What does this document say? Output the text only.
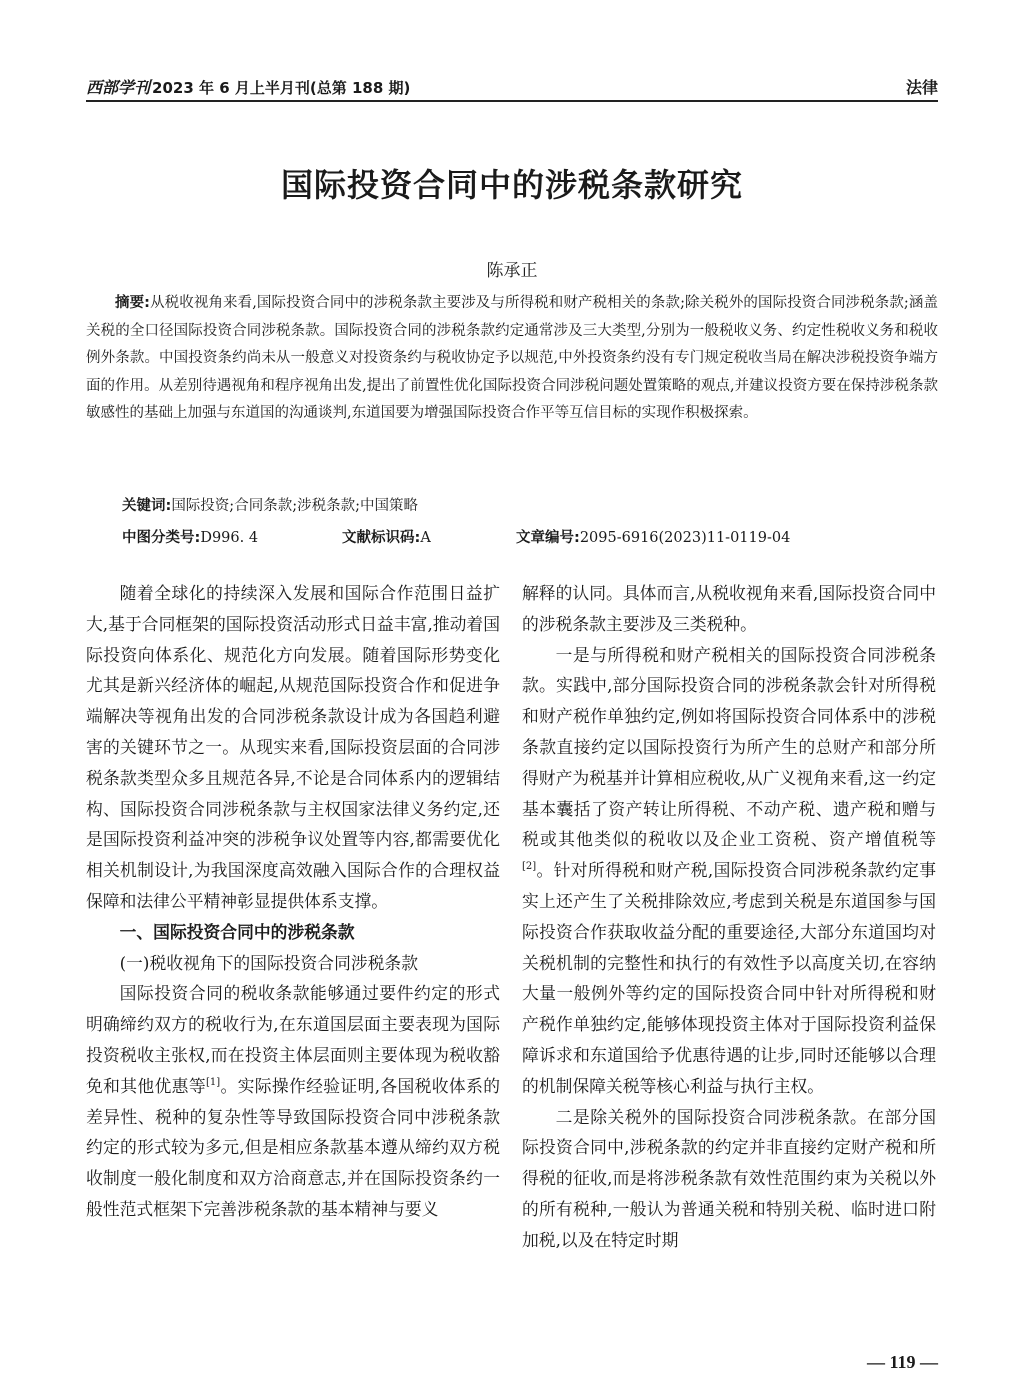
西部学刊 2023 年 6 月上半月刊(总第 188 期)	法律
国际投资合同中的涉税条款研究
陈承正
摘要:从税收视角来看,国际投资合同中的涉税条款主要涉及与所得税和财产税相关的条款;除关税外的国际投资合同涉税条款;涵盖关税的全口径国际投资合同涉税条款。国际投资合同的涉税条款约定通常涉及三大类型,分别为一般税收义务、约定性税收义务和税收例外条款。中国投资条约尚未从一般意义对投资条约与税收协定予以规范,中外投资条约没有专门规定税收当局在解决涉税投资争端方面的作用。从差别待遇视角和程序视角出发,提出了前置性优化国际投资合同涉税问题处置策略的观点,并建议投资方要在保持涉税条款敏感性的基础上加强与东道国的沟通谈判,东道国要为增强国际投资合作平等互信目标的实现作积极探索。
关键词:国际投资;合同条款;涉税条款;中国策略
中图分类号:D996. 4	文献标识码:A	文章编号:2095-6916(2023)11-0119-04

随着全球化的持续深入发展和国际合作范围日益扩大,基于合同框架的国际投资活动形式日益丰富,推动着国际投资向体系化、规范化方向发展。随着国际形势变化尤其是新兴经济体的崛起,从规范国际投资合作和促进争端解决等视角出发的合同涉税条款设计成为各国趋利避害的关键环节之一。从现实来看,国际投资层面的合同涉税条款类型众多且规范各异,不论是合同体系内的逻辑结构、国际投资合同涉税条款与主权国家法律义务约定,还是国际投资利益冲突的涉税争议处置等内容,都需要优化相关机制设计,为我国深度高效融入国际合作的合理权益保障和法律公平精神彰显提供体系支撑。

一、国际投资合同中的涉税条款
(一)税收视角下的国际投资合同涉税条款

国际投资合同的税收条款能够通过要件约定的形式明确缔约双方的税收行为,在东道国层面主要表现为国际投资税收主张权,而在投资主体层面则主要体现为税收豁免和其他优惠等[1]。实际操作经验证明,各国税收体系的差异性、税种的复杂性等导致国际投资合同中涉税条款约定的形式较为多元,但是相应条款基本遵从缔约双方税收制度一般化制度和双方洽商意志,并在国际投资条约一般性范式框架下完善涉税条款的基本精神与要义

解释的认同。具体而言,从税收视角来看,国际投资合同中的涉税条款主要涉及三类税种。

一是与所得税和财产税相关的国际投资合同涉税条款。实践中,部分国际投资合同的涉税条款会针对所得税和财产税作单独约定,例如将国际投资合同体系中的涉税条款直接约定以国际投资行为所产生的总财产和部分所得财产为税基并计算相应税收,从广义视角来看,这一约定基本囊括了资产转让所得税、不动产税、遗产税和赠与税或其他类似的税收以及企业工资税、资产增值税等[2]。针对所得税和财产税,国际投资合同涉税条款约定事实上还产生了关税排除效应,考虑到关税是东道国参与国际投资合作获取收益分配的重要途径,大部分东道国均对关税机制的完整性和执行的有效性予以高度关切,在容纳大量一般例外等约定的国际投资合同中针对所得税和财产税作单独约定,能够体现投资主体对于国际投资利益保障诉求和东道国给予优惠待遇的让步,同时还能够以合理的机制保障关税等核心利益与执行主权。

二是除关税外的国际投资合同涉税条款。在部分国际投资合同中,涉税条款的约定并非直接约定财产税和所得税的征收,而是将涉税条款有效性范围约束为关税以外的所有税种,一般认为普通关税和特别关税、临时进口附加税,以及在特定时期

— 119 —
